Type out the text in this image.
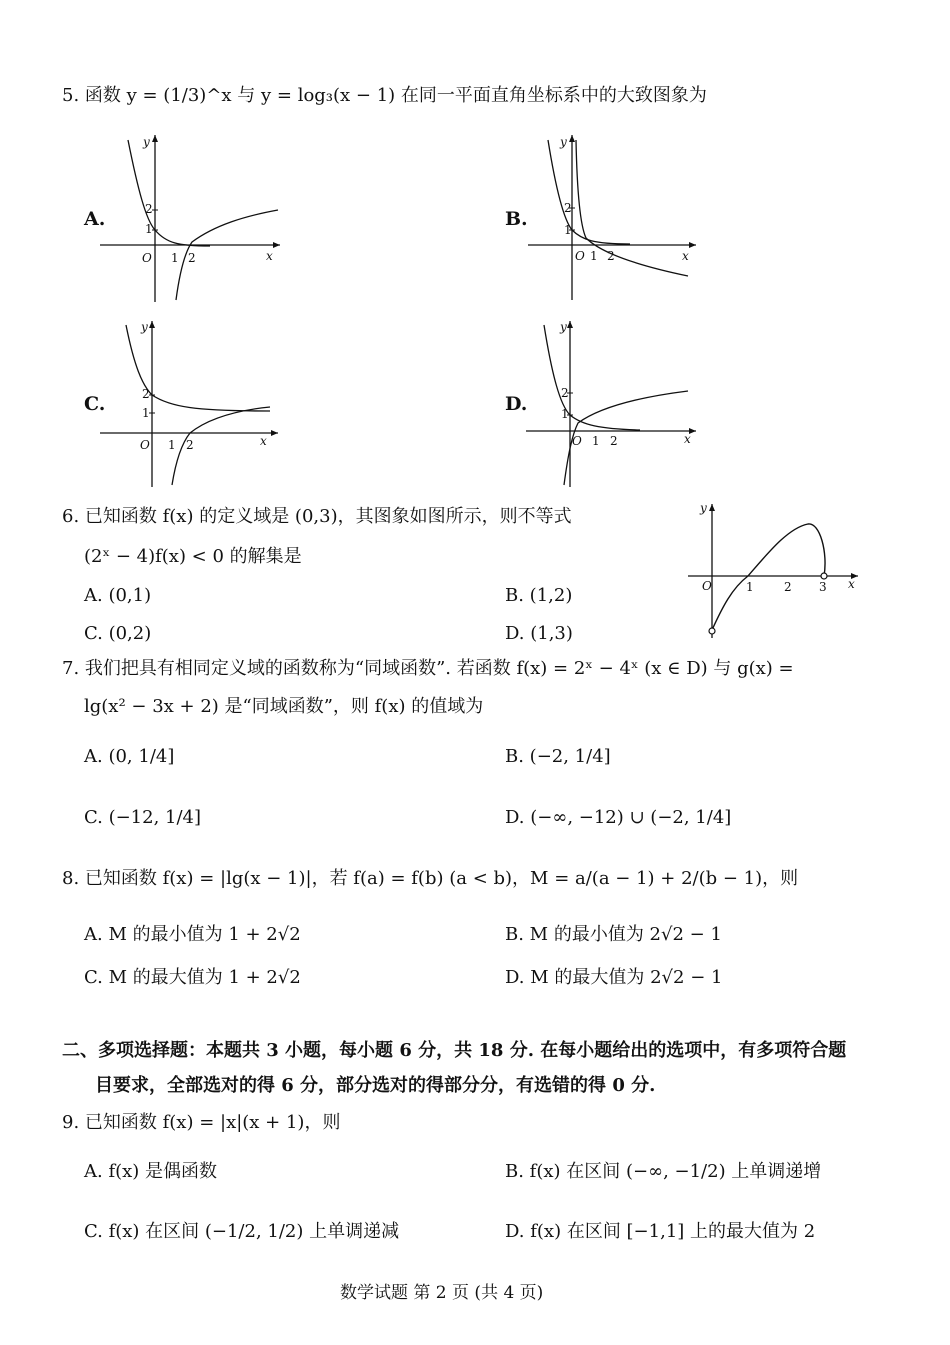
5. 函数 y = (1/3)^x 与 y = log₃(x − 1) 在同一平面直角坐标系中的大致图象为
A.
y
2
1
O 1 2	x
B.
y
2
1
O 1 2	x
C.
y
2
1
O 1 2	x
D.
y
2
1
O 1 2	x
6. 已知函数 f(x) 的定义域是 (0,3)，其图象如图所示，则不等式
(2ˣ − 4)f(x) < 0 的解集是
A. (0,1)	B. (1,2)
C. (0,2)	D. (1,3)
y
O	1	2 3 x
7. 我们把具有相同定义域的函数称为“同域函数”. 若函数 f(x) = 2ˣ − 4ˣ (x ∈ D) 与 g(x) =
lg(x² − 3x + 2) 是“同域函数”，则 f(x) 的值域为
A. (0, 1/4]	B. (−2, 1/4]
C. (−12, 1/4]	D. (−∞, −12) ∪ (−2, 1/4]
8. 已知函数 f(x) = |lg(x − 1)|，若 f(a) = f(b) (a < b)，M = a/(a − 1) + 2/(b − 1)，则
A. M 的最小值为 1 + 2√2	B. M 的最小值为 2√2 − 1
C. M 的最大值为 1 + 2√2	D. M 的最大值为 2√2 − 1
二、多项选择题：本题共 3 小题，每小题 6 分，共 18 分. 在每小题给出的选项中，有多项符合题
目要求，全部选对的得 6 分，部分选对的得部分分，有选错的得 0 分.
9. 已知函数 f(x) = |x|(x + 1)，则
A. f(x) 是偶函数	B. f(x) 在区间 (−∞, −1/2) 上单调递增
C. f(x) 在区间 (−1/2, 1/2) 上单调递减	D. f(x) 在区间 [−1,1] 上的最大值为 2
数学试题 第 2 页 (共 4 页)
